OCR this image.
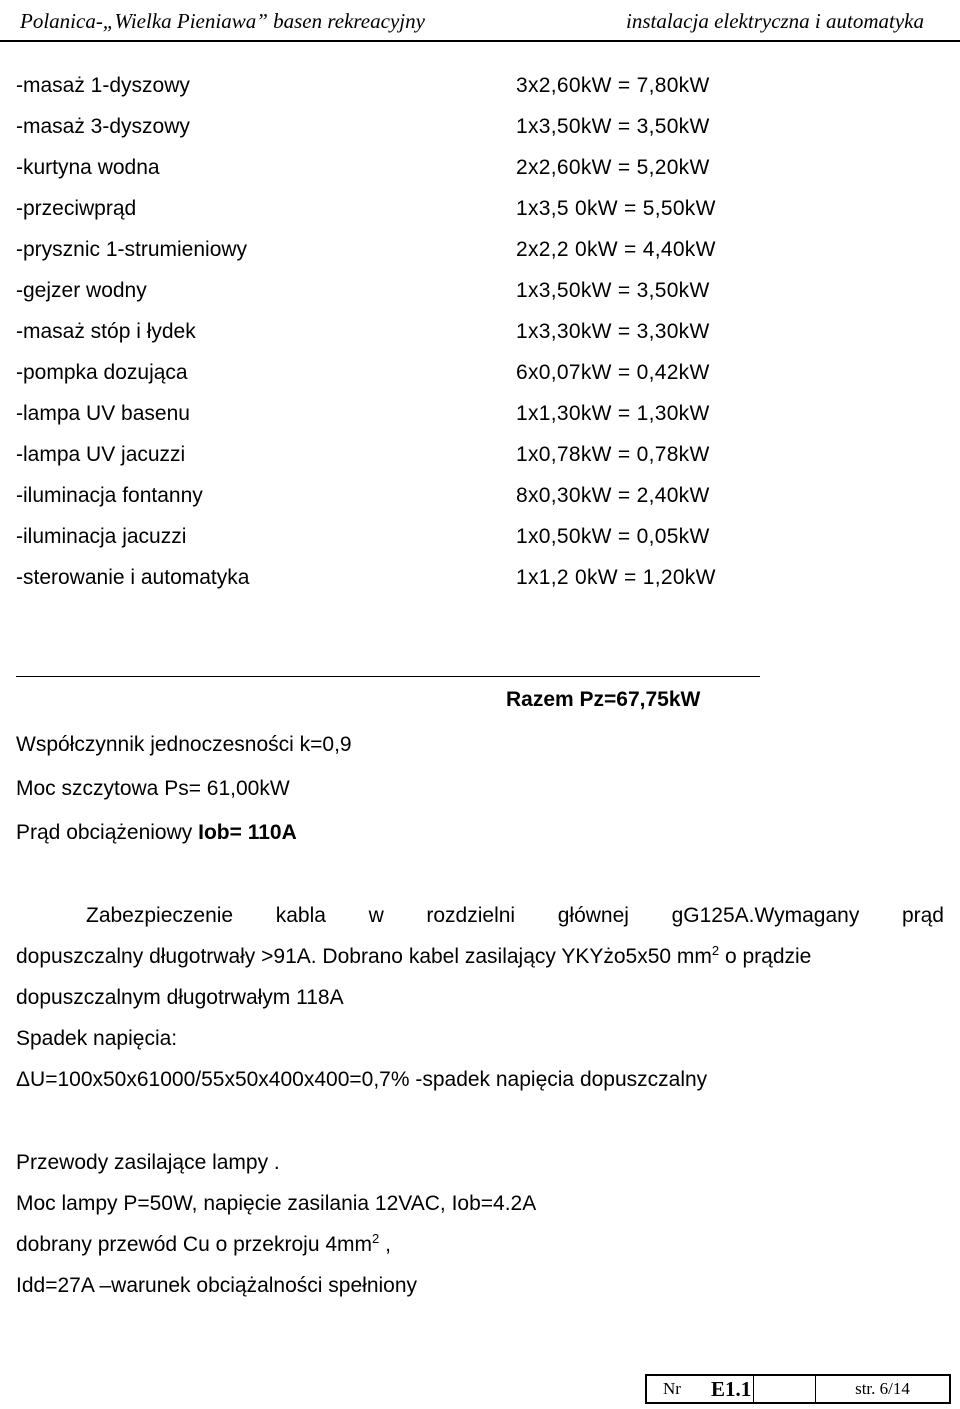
Polanica-„Wielka Pieniawa” basen rekreacyjny	instalacja elektryczna i automatyka
-masaż 1-dyszowy	3x2,60kW = 7,80kW
-masaż 3-dyszowy	1x3,50kW = 3,50kW
-kurtyna wodna	2x2,60kW = 5,20kW
-przeciwprąd	1x3,5 0kW = 5,50kW
-prysznic 1-strumieniowy	2x2,2 0kW = 4,40kW
-gejzer wodny	1x3,50kW = 3,50kW
-masaż stóp i łydek	1x3,30kW = 3,30kW
-pompka dozująca	6x0,07kW = 0,42kW
-lampa UV basenu	1x1,30kW = 1,30kW
-lampa UV jacuzzi	1x0,78kW = 0,78kW
-iluminacja fontanny	8x0,30kW = 2,40kW
-iluminacja jacuzzi	1x0,50kW = 0,05kW
-sterowanie i automatyka	1x1,2 0kW = 1,20kW
Razem Pz=67,75kW
Współczynnik jednoczesności k=0,9
Moc szczytowa Ps= 61,00kW
Prąd obciążeniowy Iob= 110A
Zabezpieczenie kabla w rozdzielni głównej gG125A.Wymagany prąd
dopuszczalny długotrwały >91A. Dobrano kabel zasilający YKYżo5x50 $mm^2$ o prądzie
dopuszczalnym długotrwałym 118A
Spadek napięcia:
ΔU=100x50x61000/55x50x400x400=0,7% -spadek napięcia dopuszczalny
Przewody zasilające lampy .
Moc lampy P=50W, napięcie zasilania 12VAC, Iob=4.2A
dobrany przewód Cu o przekroju $4mm^2$ ,
Idd=27A –warunek obciążalności spełniony
Nr E1.1	str. 6/14
